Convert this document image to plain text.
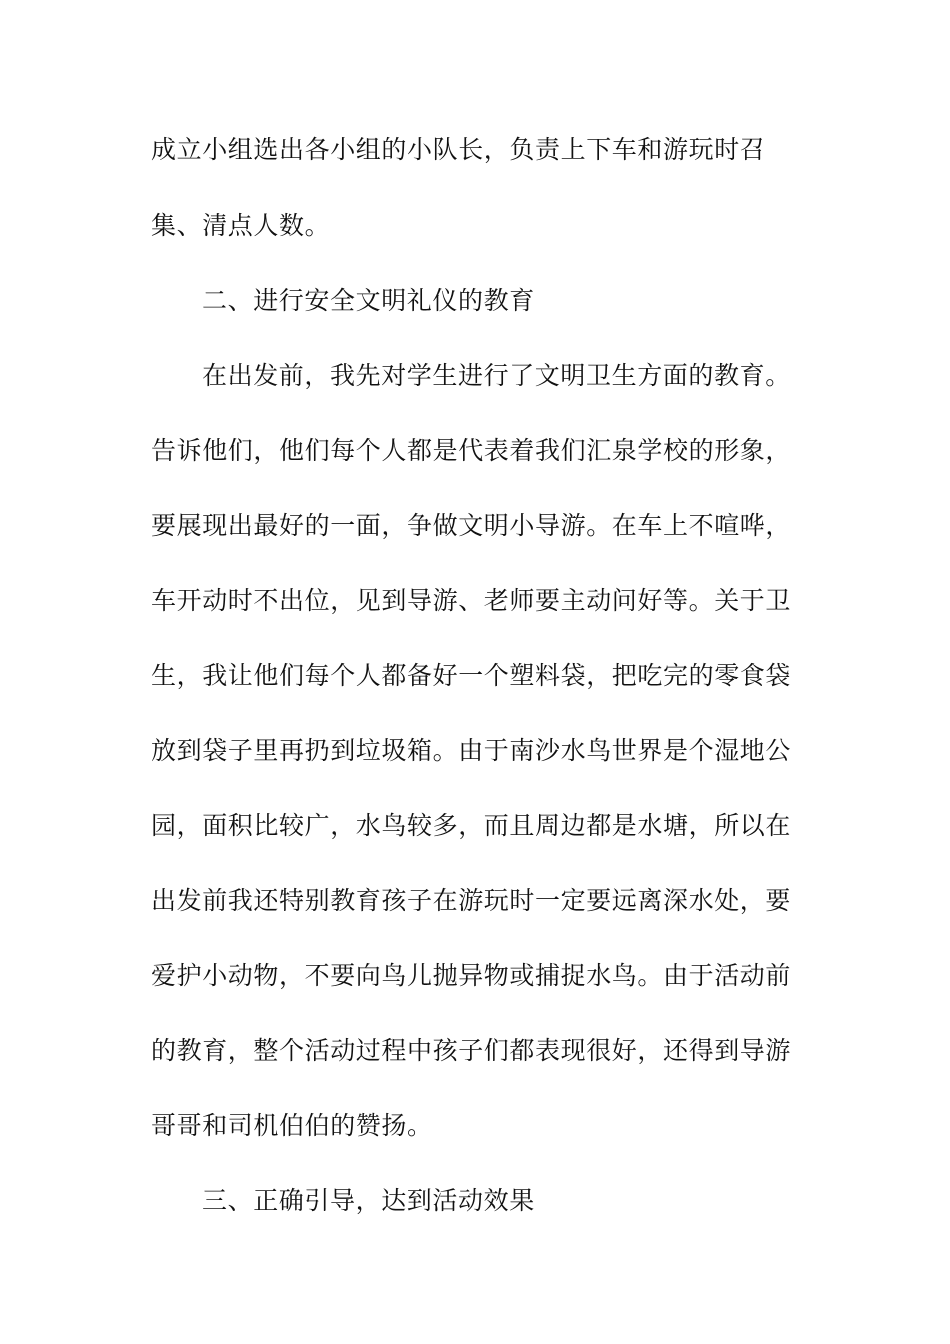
成立小组选出各小组的小队长，负责上下车和游玩时召
集、清点人数。
二、进行安全文明礼仪的教育
在出发前，我先对学生进行了文明卫生方面的教育。
告诉他们，他们每个人都是代表着我们汇泉学校的形象，
要展现出最好的一面，争做文明小导游。在车上不喧哗，
车开动时不出位，见到导游、老师要主动问好等。关于卫
生，我让他们每个人都备好一个塑料袋，把吃完的零食袋
放到袋子里再扔到垃圾箱。由于南沙水鸟世界是个湿地公
园，面积比较广，水鸟较多，而且周边都是水塘，所以在
出发前我还特别教育孩子在游玩时一定要远离深水处，要
爱护小动物，不要向鸟儿抛异物或捕捉水鸟。由于活动前
的教育，整个活动过程中孩子们都表现很好，还得到导游
哥哥和司机伯伯的赞扬。
三、正确引导，达到活动效果
